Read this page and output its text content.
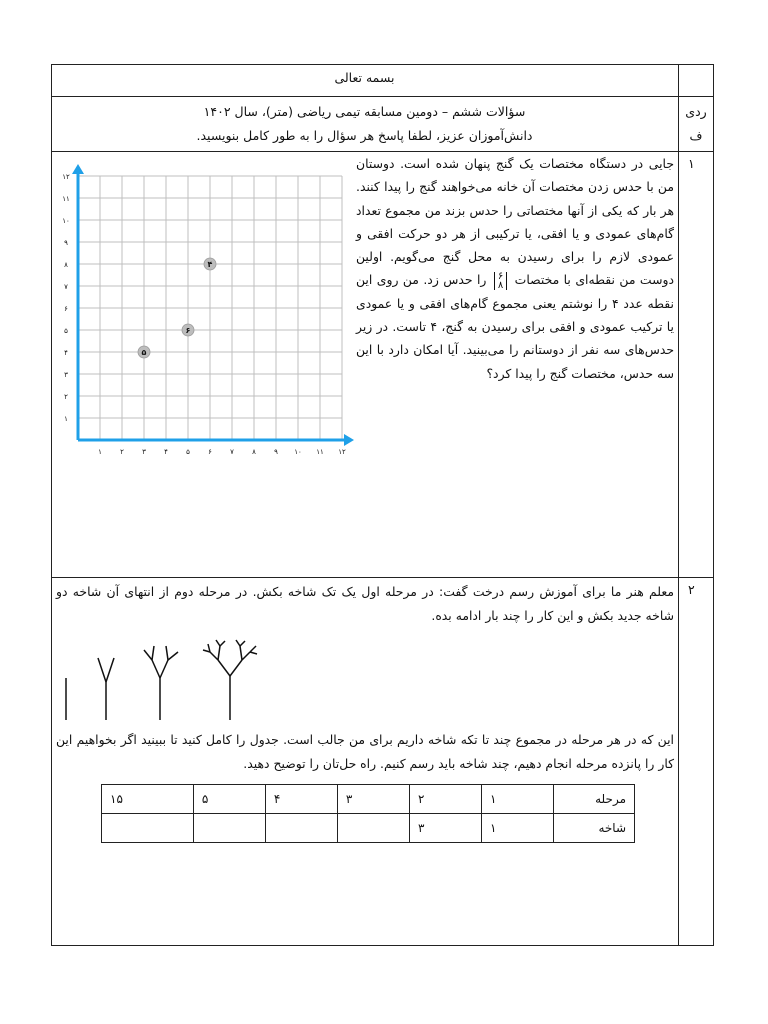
بسمه تعالی
سؤالات ششم – دومین مسابقه تیمی ریاضی (متر)، سال ۱۴۰۲
دانش‌آموزان عزیز، لطفا پاسخ هر سؤال را به طور کامل بنویسید.
ردی
ف
۱
جایی در دستگاه مختصات یک گنج پنهان شده است. دوستان من با حدس زدن مختصات آن خانه می‌خواهند گنج را پیدا کنند. هر بار که یکی از آنها مختصاتی را حدس بزند من مجموع تعداد گام‌های عمودی و یا افقی، یا ترکیبی از هر دو حرکت افقی و عمودی لازم را برای رسیدن به محل گنج می‌گویم. اولین دوست من نقطه‌ای با مختصات ۶
۸ را حدس زد. من روی این نقطه عدد ۴ را نوشتم یعنی مجموع گام‌های افقی و یا عمودی یا ترکیب عمودی و افقی برای رسیدن به گنج، ۴ تاست. در زیر حدس‌های سه نفر از دوستانم را می‌بینید. آیا امکان دارد با این سه حدس، مختصات گنج را پیدا کرد؟
۱	۲	۳	۴	۵	۶	۷	۸	۹ ۱۰ ۱۱ ۱۲
۱
۲
۳
۴
۵
۶
۷
۸
۹
۱۰
۱۱
۱۲
۴
۶
۵
۲
معلم هنر ما برای آموزش رسم درخت گفت: در مرحله اول یک تک شاخه بکش. در مرحله دوم از انتهای آن شاخه دو شاخه جدید بکش و این کار را چند بار ادامه بده.
این که در هر مرحله در مجموع چند تا تکه شاخه داریم برای من جالب است. جدول را کامل کنید تا ببینید اگر بخواهیم این کار را پانزده مرحله انجام دهیم، چند شاخه باید رسم کنیم. راه حل‌تان را توضیح دهید.
مرحله	۱	۲	۳	۴	۵	۱۵
شاخه	۱	۳				
